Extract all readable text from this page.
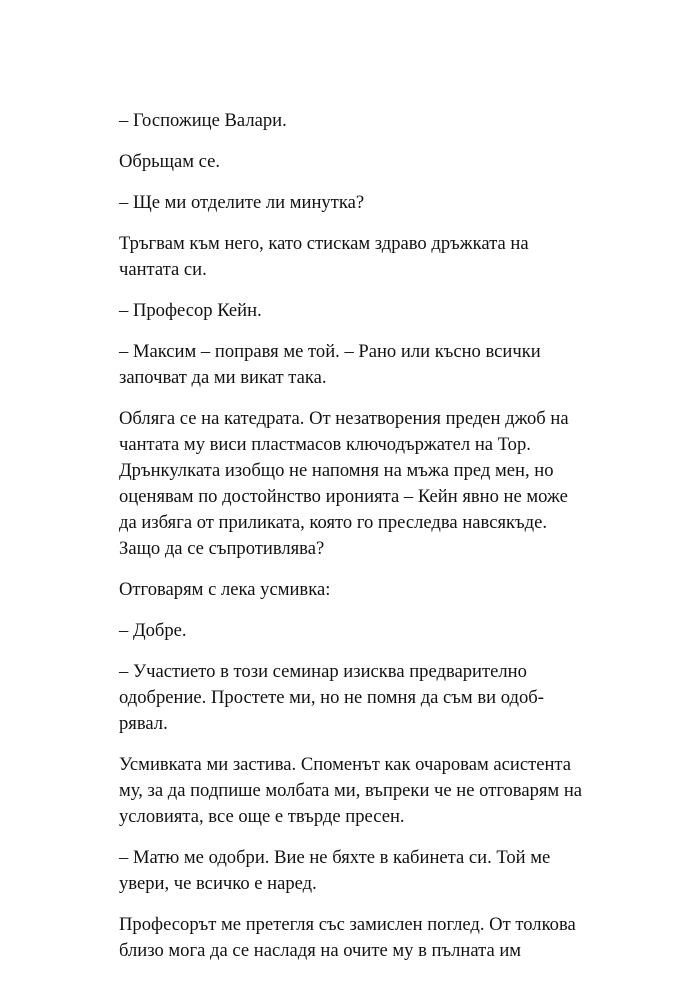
– Госпожице Валари.

Обрьщам се.

– Ще ми отделите ли минутка?

Тръгвам към него, като стискам здраво дръжката на
чантата си.

– Професор Кейн.

– Максим – поправя ме той. – Рано или късно всички
започват да ми викат така.

Обляга се на катедрата. От незатворения преден джоб на
чантата му виси пластмасов ключодържател на Тор.
Дрънкулката изобщо не напомня на мъжа пред мен, но
оценявам по достойнство иронията – Кейн явно не може
да избяга от приликата, която го преследва навсякъде.
Защо да се съпротивлява?

Отговарям с лека усмивка:

– Добре.

– Участието в този семинар изисква предварително
одобрение. Простете ми, но не помня да съм ви одоб-
рявал.

Усмивката ми застива. Споменът как очаровам асистента
му, за да подпише молбата ми, въпреки че не отговарям на
условията, все още е твърде пресен.

– Матю ме одобри. Вие не бяхте в кабинета си. Той ме
увери, че всичко е наред.

Професорът ме претегля със замислен поглед. От толкова
близо мога да се насладя на очите му в пълната им
